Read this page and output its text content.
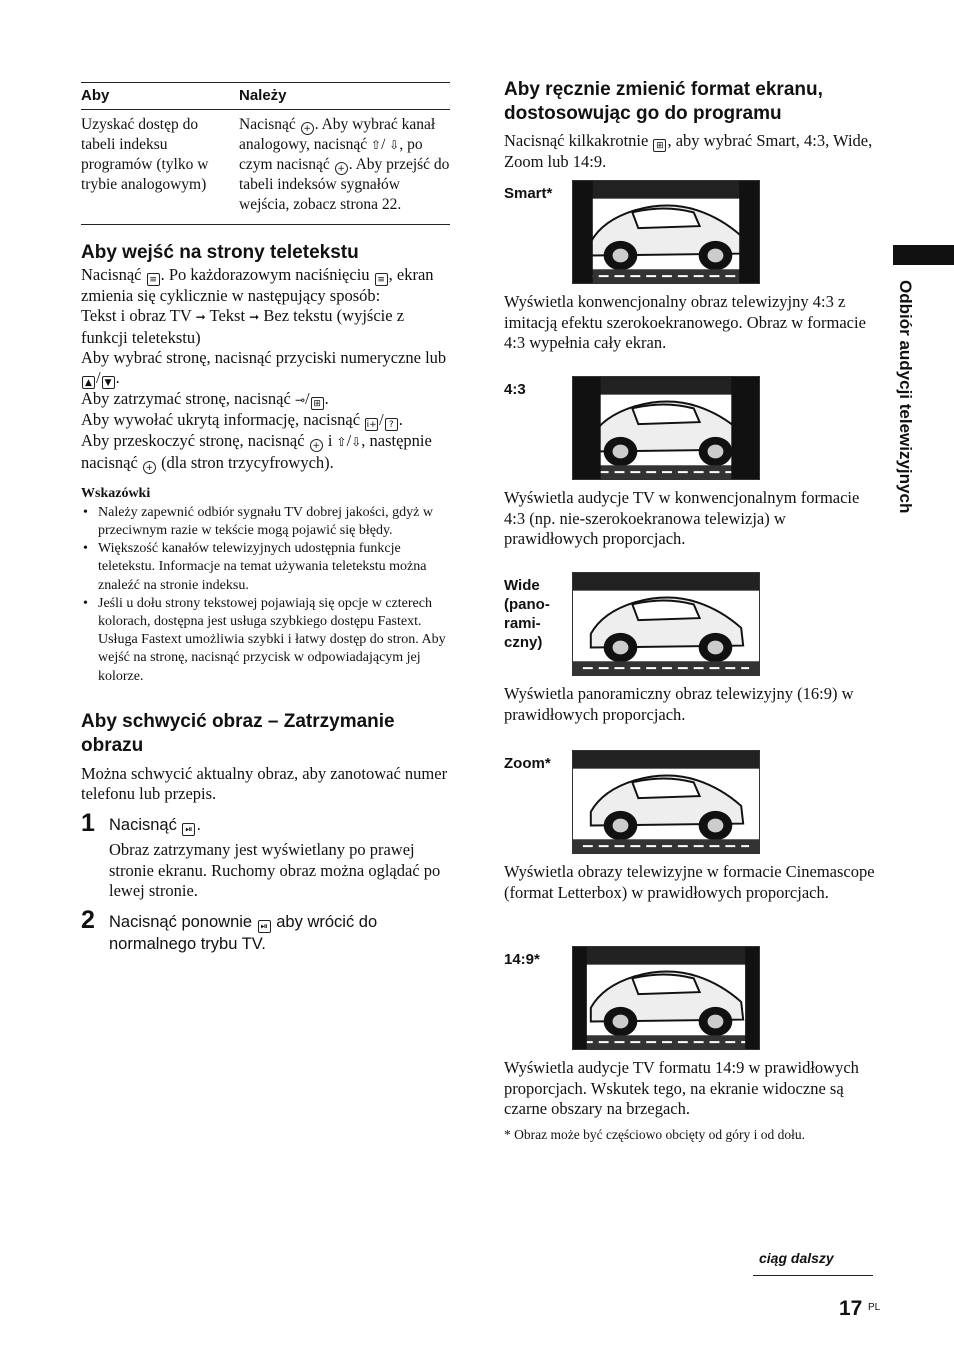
Aby	Należy
Uzyskać dostęp do tabeli indeksu programów (tylko w trybie analogowym)	Nacisnąć + . Aby wybrać kanał analogowy, nacisnąć ⇧/ ⇩, po czym nacisnąć + . Aby przejść do tabeli indeksów sygnałów wejścia, zobacz strona 22.
Aby wejść na strony teletekstu

Nacisnąć ≡ . Po każdorazowym naciśnięciu ≡ , ekran zmienia się cyklicznie w następujący sposób:

Tekst i obraz TV ➞ Tekst ➞ Bez tekstu (wyjście z funkcji teletekstu)

Aby wybrać stronę, nacisnąć przyciski numeryczne lub ▲ / ▼ .

Aby zatrzymać stronę, nacisnąć ⊸/ ⊞ .

Aby wywołać ukrytą informację, nacisnąć i+ / ? .

Aby przeskoczyć stronę, nacisnąć + i ⇧/⇩, następnie nacisnąć + (dla stron trzycyfrowych).

Wskazówki
• Należy zapewnić odbiór sygnału TV dobrej jakości, gdyż w przeciwnym razie w tekście mogą pojawić się błędy.
• Większość kanałów telewizyjnych udostępnia funkcje teletekstu. Informacje na temat używania teletekstu można znaleźć na stronie indeksu.
• Jeśli u dołu strony tekstowej pojawiają się opcje w czterech kolorach, dostępna jest usługa szybkiego dostępu Fastext. Usługa Fastext umożliwia szybki i łatwy dostęp do stron. Aby wejść na stronę, nacisnąć przycisk w odpowiadającym jej kolorze.
Aby schwycić obraz – Zatrzymanie obrazu

Można schwycić aktualny obraz, aby zanotować numer telefonu lub przepis.

1 Nacisnąć ⏯ .

Obraz zatrzymany jest wyświetlany po prawej stronie ekranu. Ruchomy obraz można oglądać po lewej stronie.

2 Nacisnąć ponownie ⏯ aby wrócić do normalnego trybu TV.
Aby ręcznie zmienić format ekranu, dostosowując go do programu

Nacisnąć kilkakrotnie ⊞ , aby wybrać Smart, 4:3, Wide, Zoom lub 14:9.

Smart*

Wyświetla konwencjonalny obraz telewizyjny 4:3 z imitacją efektu szerokoekranowego. Obraz w formacie 4:3 wypełnia cały ekran.

4:3

Wyświetla audycje TV w konwencjonalnym formacie 4:3 (np. nie-szerokoekranowa telewizja) w prawidłowych proporcjach.

Wide (pano-rami-czny)

Wyświetla panoramiczny obraz telewizyjny (16:9) w prawidłowych proporcjach.

Zoom*

Wyświetla obrazy telewizyjne w formacie Cinemascope (format Letterbox) w prawidłowych proporcjach.

14:9*

Wyświetla audycje TV formatu 14:9 w prawidłowych proporcjach. Wskutek tego, na ekranie widoczne są czarne obszary na brzegach.

Odbiór audycji telewizyjnych
* Obraz może być częściowo obcięty od góry i od dołu.
ciąg dalszy
17 PL
